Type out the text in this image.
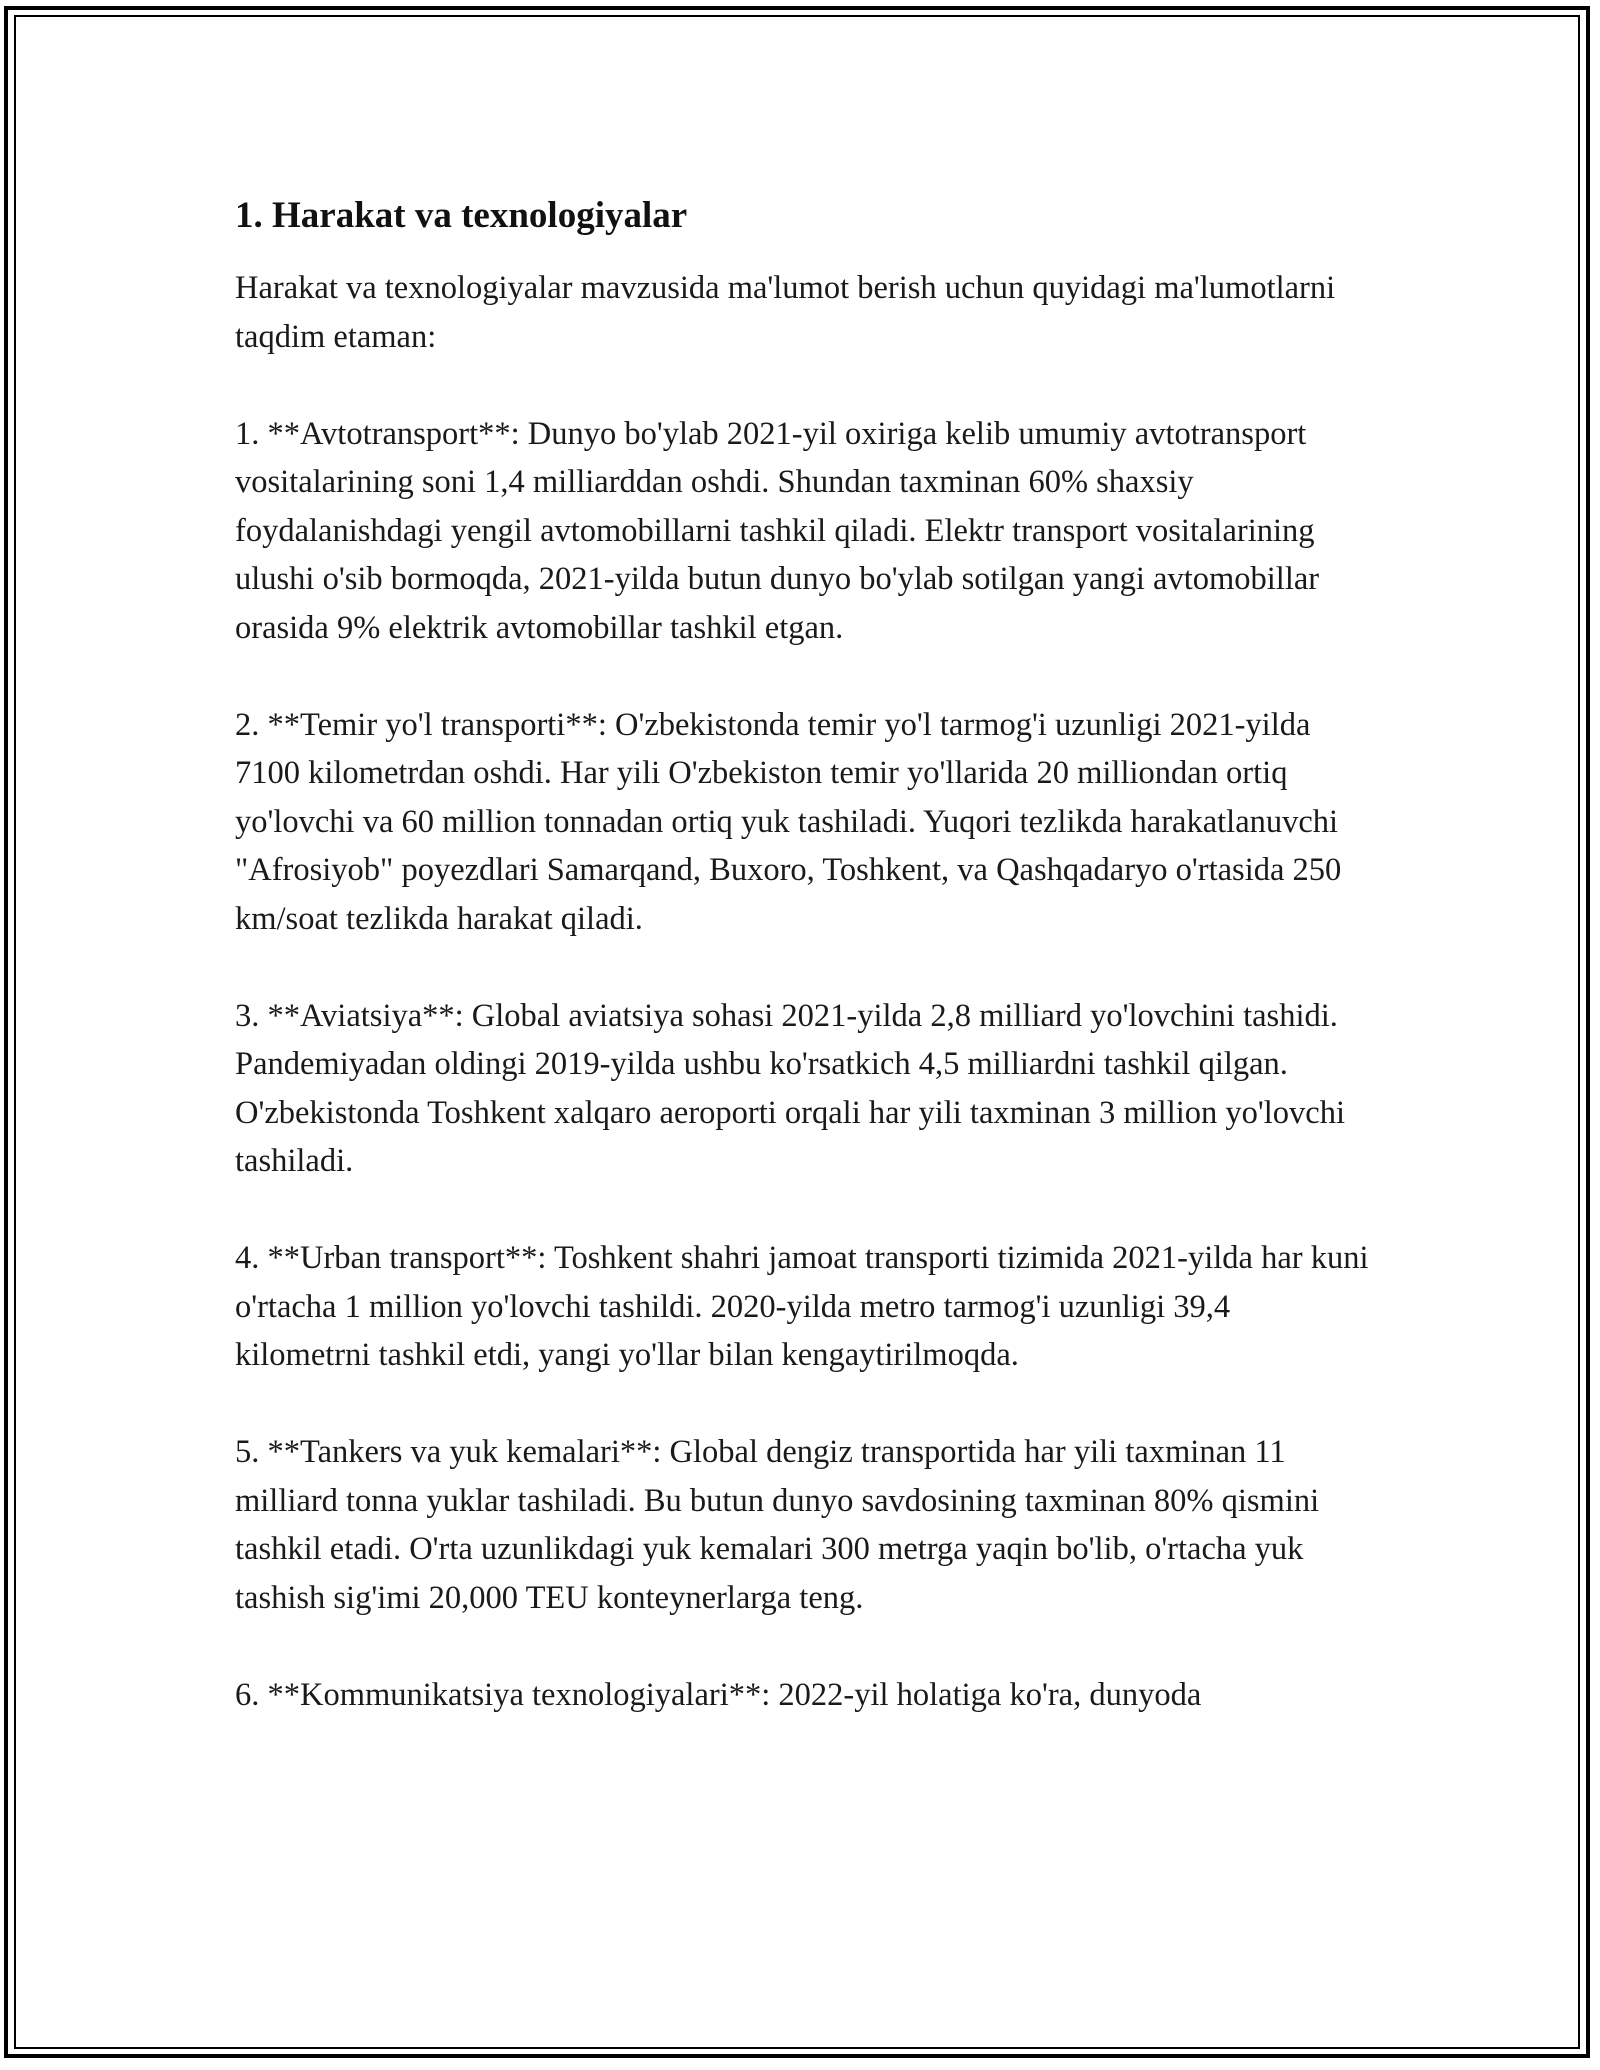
1. Harakat va texnologiyalar

Harakat va texnologiyalar mavzusida ma'lumot berish uchun quyidagi ma'lumotlarni taqdim etaman:

1. **Avtotransport**: Dunyo bo'ylab 2021-yil oxiriga kelib umumiy avtotransport vositalarining soni 1,4 milliarddan oshdi. Shundan taxminan 60% shaxsiy foydalanishdagi yengil avtomobillarni tashkil qiladi. Elektr transport vositalarining ulushi o'sib bormoqda, 2021-yilda butun dunyo bo'ylab sotilgan yangi avtomobillar orasida 9% elektrik avtomobillar tashkil etgan.

2. **Temir yo'l transporti**: O'zbekistonda temir yo'l tarmog'i uzunligi 2021-yilda 7100 kilometrdan oshdi. Har yili O'zbekiston temir yo'llarida 20 milliondan ortiq yo'lovchi va 60 million tonnadan ortiq yuk tashiladi. Yuqori tezlikda harakatlanuvchi "Afrosiyob" poyezdlari Samarqand, Buxoro, Toshkent, va Qashqadaryo o'rtasida 250 km/soat tezlikda harakat qiladi.

3. **Aviatsiya**: Global aviatsiya sohasi 2021-yilda 2,8 milliard yo'lovchini tashidi. Pandemiyadan oldingi 2019-yilda ushbu ko'rsatkich 4,5 milliardni tashkil qilgan. O'zbekistonda Toshkent xalqaro aeroporti orqali har yili taxminan 3 million yo'lovchi tashiladi.

4. **Urban transport**: Toshkent shahri jamoat transporti tizimida 2021-yilda har kuni o'rtacha 1 million yo'lovchi tashildi. 2020-yilda metro tarmog'i uzunligi 39,4 kilometrni tashkil etdi, yangi yo'llar bilan kengaytirilmoqda.

5. **Tankers va yuk kemalari**: Global dengiz transportida har yili taxminan 11 milliard tonna yuklar tashiladi. Bu butun dunyo savdosining taxminan 80% qismini tashkil etadi. O'rta uzunlikdagi yuk kemalari 300 metrga yaqin bo'lib, o'rtacha yuk tashish sig'imi 20,000 TEU konteynerlarga teng.

6. **Kommunikatsiya texnologiyalari**: 2022-yil holatiga ko'ra, dunyoda
